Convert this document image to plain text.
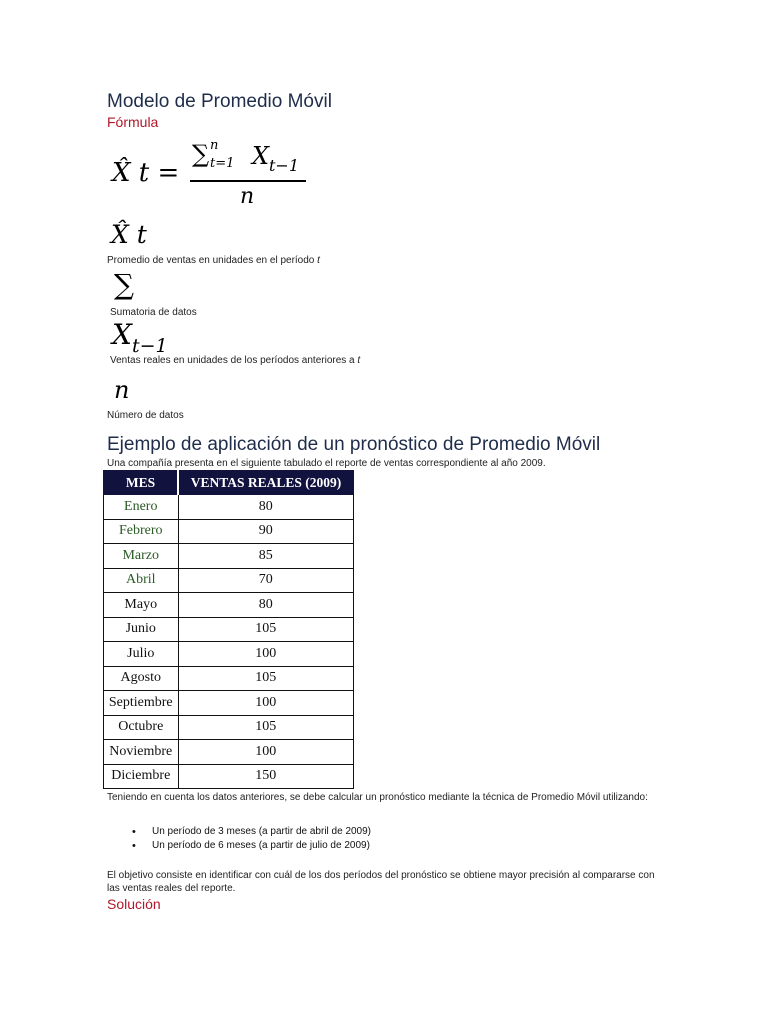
Modelo de Promedio Móvil
Fórmula
X̂ t =
∑ n
t=1 X t−1
n
X̂ t
Promedio de ventas en unidades en el período t
∑
Sumatoria de datos
Xt−1
Ventas reales en unidades de los períodos anteriores a t
n
Número de datos
Ejemplo de aplicación de un pronóstico de Promedio Móvil
Una compañía presenta en el siguiente tabulado el reporte de ventas correspondiente al año 2009.
MES	VENTAS REALES (2009)
Enero	80
Febrero	90
Marzo	85
Abril	70
Mayo	80
Junio	105
Julio	100
Agosto	105
Septiembre	100
Octubre	105
Noviembre	100
Diciembre	150
Teniendo en cuenta los datos anteriores, se debe calcular un pronóstico mediante la técnica de Promedio Móvil utilizando:
• Un período de 3 meses (a partir de abril de 2009)
• Un período de 6 meses (a partir de julio de 2009)
El objetivo consiste en identificar con cuál de los dos períodos del pronóstico se obtiene mayor precisión al compararse con
las ventas reales del reporte.
Solución
